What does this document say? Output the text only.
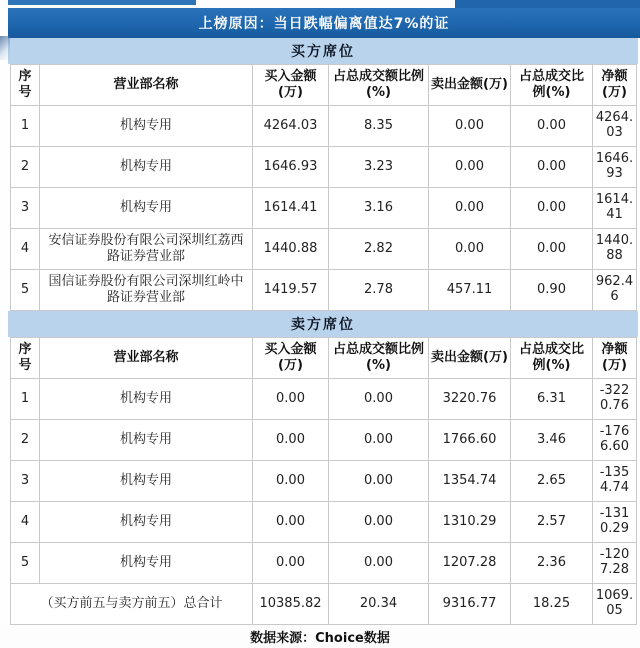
上榜原因：当日跌幅偏离值达7%的证
买方席位
序号	营业部名称	买入金额(万)	占总成交额比例(%)	卖出金额(万)	占总成交比例(%)	净额(万)
1	机构专用	4264.03	8.35	0.00	0.00	4264.03
2	机构专用	1646.93	3.23	0.00	0.00	1646.93
3	机构专用	1614.41	3.16	0.00	0.00	1614.41
4	安信证券股份有限公司深圳红荔西路证券营业部	1440.88	2.82	0.00	0.00	1440.88
5	国信证券股份有限公司深圳红岭中路证券营业部	1419.57	2.78	457.11	0.90	962.46
卖方席位
序号	营业部名称	买入金额(万)	占总成交额比例(%)	卖出金额(万)	占总成交比例(%)	净额(万)
1	机构专用	0.00	0.00	3220.76	6.31	-3220.76
2	机构专用	0.00	0.00	1766.60	3.46	-1766.60
3	机构专用	0.00	0.00	1354.74	2.65	-1354.74
4	机构专用	0.00	0.00	1310.29	2.57	-1310.29
5	机构专用	0.00	0.00	1207.28	2.36	-1207.28
（买方前五与卖方前五）总合计		10385.82	20.34	9316.77	18.25	1069.05
数据来源：Choice数据
